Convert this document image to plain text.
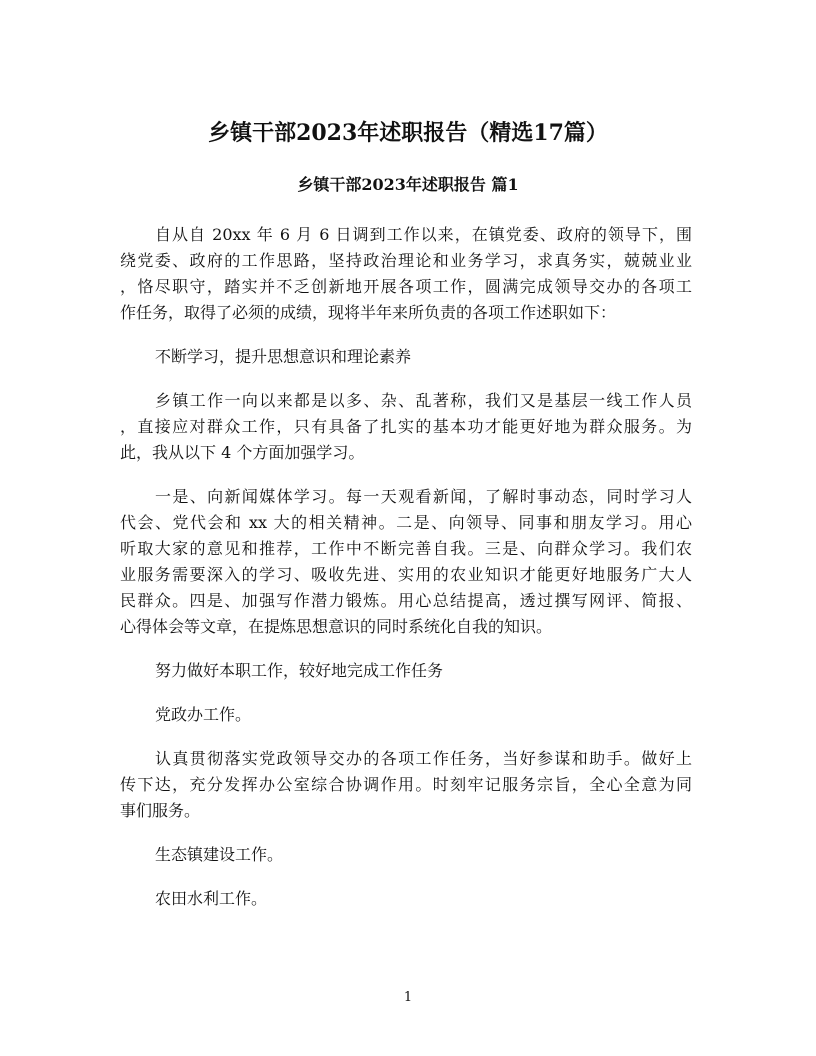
乡镇干部2023年述职报告（精选17篇）
乡镇干部2023年述职报告 篇1
自从自 20xx 年 6 月 6 日调到工作以来，在镇党委、政府的领导下，围
绕党委、政府的工作思路，坚持政治理论和业务学习，求真务实，兢兢业业
，恪尽职守，踏实并不乏创新地开展各项工作，圆满完成领导交办的各项工
作任务，取得了必须的成绩，现将半年来所负责的各项工作述职如下：
不断学习，提升思想意识和理论素养
乡镇工作一向以来都是以多、杂、乱著称，我们又是基层一线工作人员
，直接应对群众工作，只有具备了扎实的基本功才能更好地为群众服务。为
此，我从以下 4 个方面加强学习。
一是、向新闻媒体学习。每一天观看新闻，了解时事动态，同时学习人
代会、党代会和 xx 大的相关精神。二是、向领导、同事和朋友学习。用心
听取大家的意见和推荐，工作中不断完善自我。三是、向群众学习。我们农
业服务需要深入的学习、吸收先进、实用的农业知识才能更好地服务广大人
民群众。四是、加强写作潜力锻炼。用心总结提高，透过撰写网评、简报、
心得体会等文章，在提炼思想意识的同时系统化自我的知识。
努力做好本职工作，较好地完成工作任务
党政办工作。
认真贯彻落实党政领导交办的各项工作任务，当好参谋和助手。做好上
传下达，充分发挥办公室综合协调作用。时刻牢记服务宗旨，全心全意为同
事们服务。
生态镇建设工作。
农田水利工作。
1
